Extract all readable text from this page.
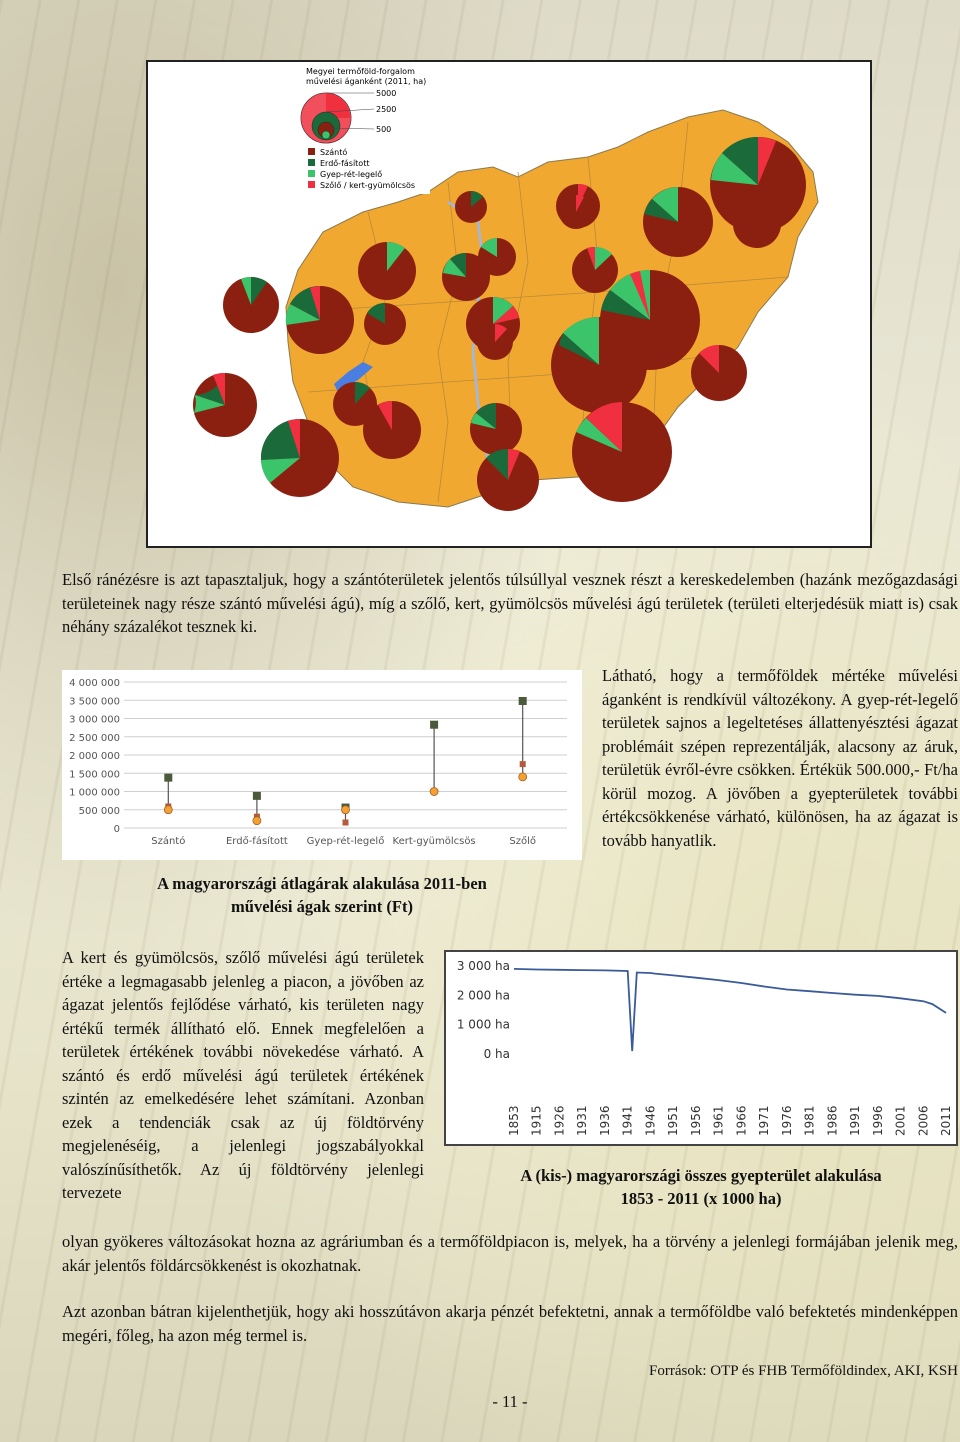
Megyei termőföld-forgalom
művelési áganként (2011, ha)
5000
2500
500
Szántó
Erdő-fásított
Gyep-rét-legelő
Szőlő / kert-gyümölcsös
Első ránézésre is azt tapasztaljuk, hogy a szántóterületek jelentős túlsúllyal vesznek részt a kereskedelemben (hazánk mezőgazdasági területeinek nagy része szántó művelési ágú), míg a szőlő, kert, gyümölcsös művelési ágú területek (területi elterjedésük miatt is) csak néhány százalékot tesznek ki.
4 000 000
3 500 000
3 000 000
2 500 000
2 000 000
1 500 000
1 000 000
500 000
0
Szántó	Erdő-fásított Gyep-rét-legelő Kert-gyümölcsös	Szőlő
A magyarországi átlagárak alakulása 2011-ben
művelési ágak szerint (Ft)
Látható, hogy a termőföldek mértéke művelési áganként is rendkívül változékony. A gyep-rét-legelő területek sajnos a legeltetéses állattenyésztési ágazat problémáit szépen reprezentálják, alacsony az áruk, területük évről-évre csökken. Értékük 500.000,- Ft/ha körül mozog. A jövőben a gyepterületek további értékcsökkenése várható, különösen, ha az ágazat is tovább hanyatlik.
A kert és gyümölcsös, szőlő művelési ágú területek értéke a legmagasabb jelenleg a piacon, a jövőben az ágazat jelentős fejlődése várható, kis területen nagy értékű termék állítható elő. Ennek megfelelően a területek értékének további növekedése várható. A szántó és erdő művelési ágú területek értékének szintén az emelkedésére lehet számítani. Azonban ezek a tendenciák csak az új földtörvény megjelenéséig, a jelenlegi jogszabályokkal valószínűsíthetők. Az új földtörvény jelenlegi tervezete
3 000 ha
2 000 ha
1 000 ha
0 ha
1853 1915 1926 1931 1936 1941 1946 1951 1956 1961 1966 1971 1976 1981 1986 1991 1996 2001 2006 2011
A (kis-) magyarországi összes gyepterület alakulása
1853 - 2011 (x 1000 ha)
olyan gyökeres változásokat hozna az agráriumban és a termőföldpiacon is, melyek, ha a törvény a jelenlegi formájában jelenik meg, akár jelentős földárcsökkenést is okozhatnak.
Azt azonban bátran kijelenthetjük, hogy aki hosszútávon akarja pénzét befektetni, annak a termőföldbe való befektetés mindenképpen megéri, főleg, ha azon még termel is.
Források: OTP és FHB Termőföldindex, AKI, KSH
- 11 -
